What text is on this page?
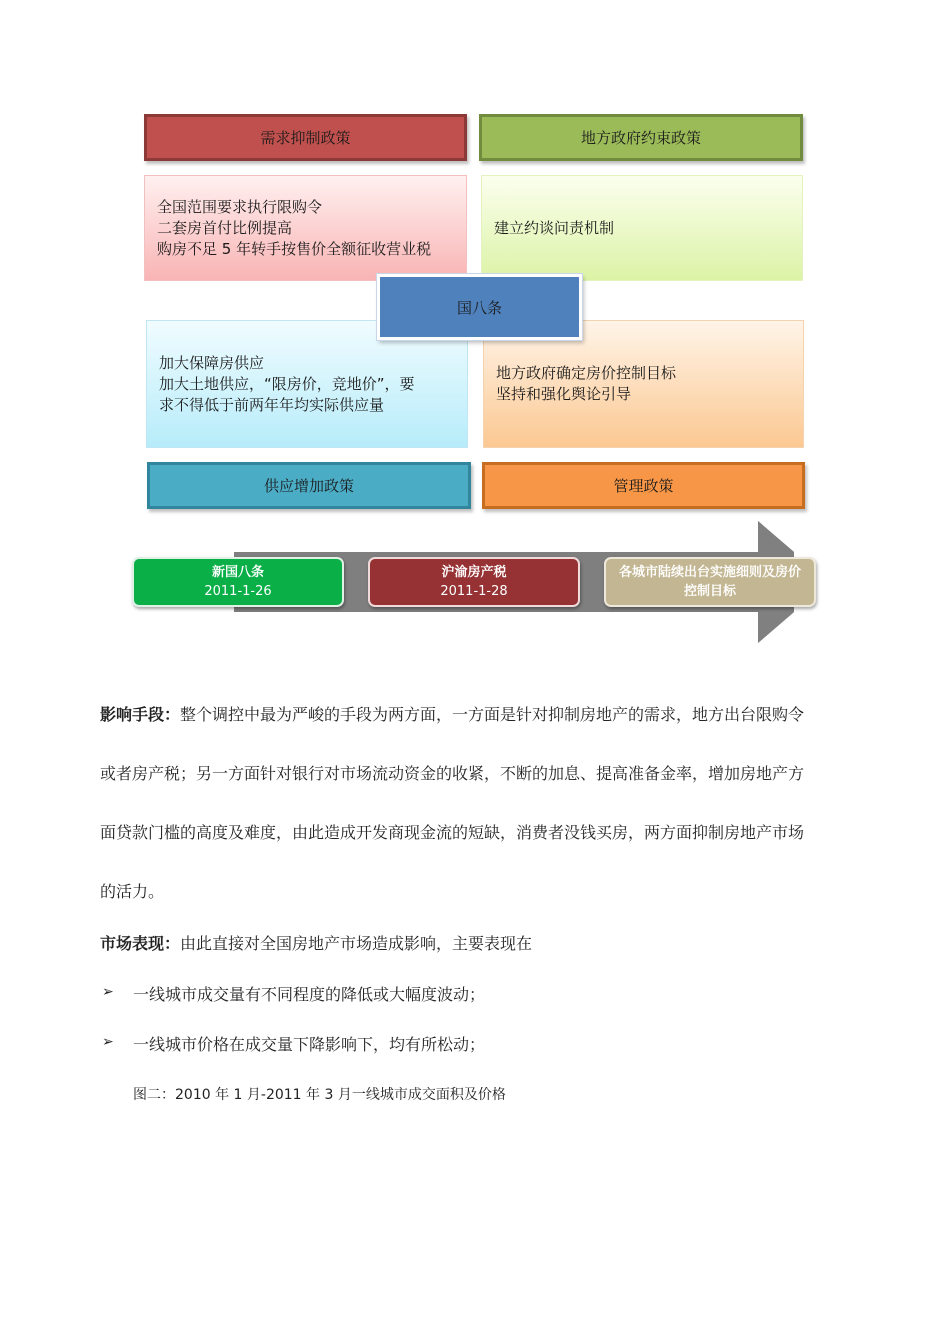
需求抑制政策	地方政府约束政策
全国范围要求执行限购令
二套房首付比例提高
购房不足 5 年转手按售价全额征收营业税
建立约谈问责机制
加大保障房供应
加大土地供应，“限房价，竞地价”，要
求不得低于前两年年均实际供应量
地方政府确定房价控制目标
坚持和强化舆论引导
国八条
供应增加政策	管理政策
新国八条
2011-1-26
沪渝房产税
2011-1-28
各城市陆续出台实施细则及房价
控制目标
影响手段：整个调控中最为严峻的手段为两方面，一方面是针对抑制房地产的需求，地方出台限购令
或者房产税；另一方面针对银行对市场流动资金的收紧，不断的加息、提高准备金率，增加房地产方
面贷款门槛的高度及难度，由此造成开发商现金流的短缺，消费者没钱买房，两方面抑制房地产市场
的活力。
市场表现：由此直接对全国房地产市场造成影响，主要表现在
➢ 一线城市成交量有不同程度的降低或大幅度波动；
➢ 一线城市价格在成交量下降影响下，均有所松动；
图二：2010 年 1 月-2011 年 3 月一线城市成交面积及价格
